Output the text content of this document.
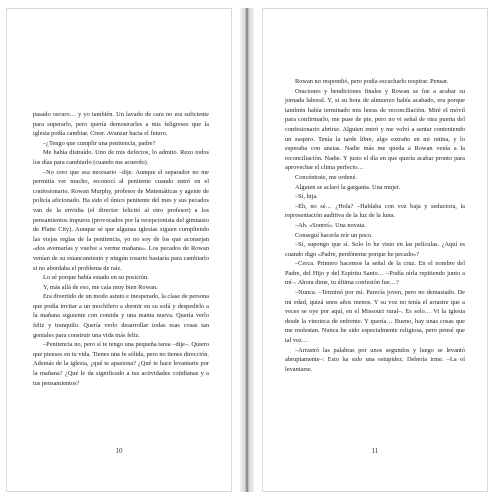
pasado oscuro… y yo también. Un lavado de cara no era suficiente para superarlo, pero quería demostrarles a mis feligreses que la iglesia podía cambiar. Creer. Avanzar hacia el futuro.

–¿Tengo que cumplir una penitencia, padre?

Me había distraído. Uno de mis defectos, lo admito. Rezo todos los días para cambiarlo (cuando me acuerdo).

–No creo que sea necesario –dije. Aunque el separador no me permitía ver mucho, reconocí al penitente cuando entró en el confesionario. Rowan Murphy, profesor de Matemáticas y agente de policía aficionado. Ha sido el único penitente del mes y sus pecados van de la envidia (el director felicitó al otro profesor) a los pensamientos impuros (provocados por la recepcionista del gimnasio de Platte City). Aunque sé que algunas iglesias siguen cumpliendo las viejas reglas de la penitencia, yo no soy de los que aconsejan «dos avemarías y vuelve a verme mañana». Los pecados de Rowan venían de su estancamiento y ningún rosario bastaría para cambiarlo si no abordaba el problema de raíz.

Lo sé porque había estado en su posición.

Y, más allá de eso, me caía muy bien Rowan.

Era divertido de un modo astuto e inesperado, la clase de persona que podía invitar a un mochilero a dormir en su sofá y despedirlo a la mañana siguiente con comida y una manta nueva. Quería verlo feliz y tranquilo. Quería verlo desarrollar todas esas cosas tan geniales para construir una vida más feliz.

–Penitencia no, pero sí te tengo una pequeña tarea –dije–. Quiero que pienses en tu vida. Tienes una fe sólida, pero no tienes dirección. Además de la iglesia, ¿qué te apasiona? ¿Qué te hace levantarte por la mañana? ¿Qué le da significado a tus actividades cotidianas y a tus pensamientos?

10

Rowan no respondió, pero podía escucharlo respirar. Pensar.

Oraciones y bendiciones finales y Rowan se fue a acabar su jornada laboral. Y, si su hora de almuerzo había acabado, era porque también había terminado mis horas de reconciliación. Miré el móvil para confirmarlo, me puse de pie, pero no vi señal de otra puerta del confesionario abrirse. Alguien entró y me volví a sentar conteniendo un suspiro. Tenía la tarde libre, algo extraño en mi rutina, y lo esperaba con ansias. Nadie más me queda a Rowan venía a la reconciliación. Nadie. Y justo el día en que quería acabar pronto para aprovechar el clima perfecto…

Concéntrate, me ordené.

Alguien se aclaró la garganta. Una mujer.

–Sí, hija.

–Eh, no sé… ¿Hola? –Hablaba con voz baja y seductora, la representación auditiva de la luz de la luna.

–Ah. «Sonreí». Una novata.

Conseguí hacerla reír un poco.

–Sí, supongo que sí. Solo lo he visto en las películas. ¿Aquí es cuando digo «Padre, perdóneme porque he pecado»?

–Cerca. Primero hacemos la señal de la cruz. En el nombre del Padre, del Hijo y del Espíritu Santo… –Podía oírla repitiendo junto a mí–. Ahora dime, tu última confesión fue…?

–Nunca. –Terminó por mí. Parecía joven, pero no demasiado. De mi edad, quizá unos años menos. Y su voz no tenía el arrastre que a veces se oye por aquí, en el Missouri rural–. Es solo… Vi la iglesia desde la vinoteca de enfrente. Y quería… Bueno, hay unas cosas que me molestan. Nunca he sido especialmente religiosa, pero pensé que tal vez…

–Arrastró las palabras por unos segundos y luego se levantó abruptamente–: Esto ha sido una estupidez. Debería irme. –La oí levantarse.

11
